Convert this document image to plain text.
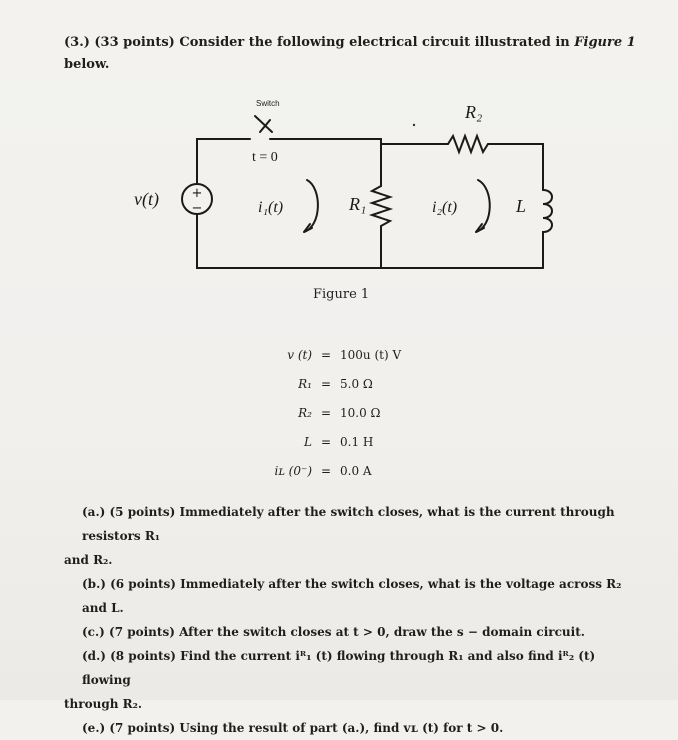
(3.) (33 points) Consider the following electrical circuit illustrated in Figure 1
below.
+
−
Switch
t = 0
v(t)	i₁(t)	R₁
R₂
i₂(t)	L
Figure 1
v (t)	=	100u (t) V
R₁	=	5.0 Ω
R₂	=	10.0 Ω
L	=	0.1 H
iʟ (0⁻)	=	0.0 A
(a.) (5 points) Immediately after the switch closes, what is the current through resistors R₁
and R₂.
(b.) (6 points) Immediately after the switch closes, what is the voltage across R₂ and L.
(c.) (7 points) After the switch closes at t > 0, draw the s − domain circuit.
(d.) (8 points) Find the current iᴿ₁ (t) flowing through R₁ and also find iᴿ₂ (t) flowing
through R₂.
(e.) (7 points) Using the result of part (a.), find vʟ (t) for t > 0.
